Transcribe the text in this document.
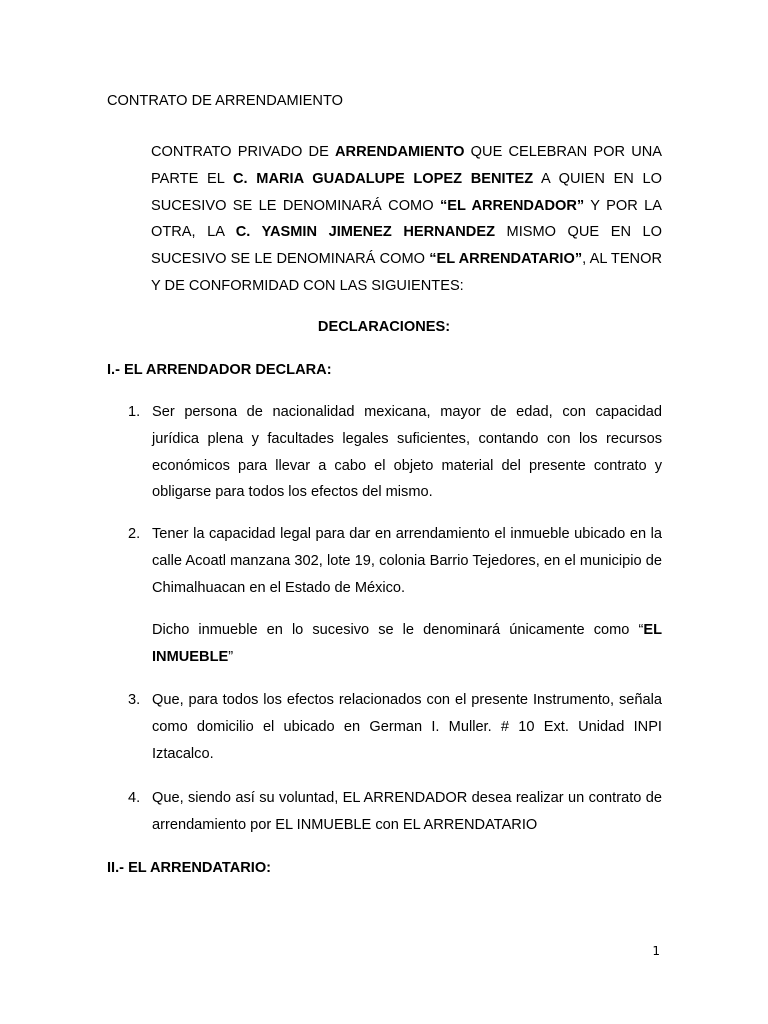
CONTRATO DE ARRENDAMIENTO
CONTRATO PRIVADO DE ARRENDAMIENTO QUE CELEBRAN POR UNA PARTE EL C. MARIA GUADALUPE LOPEZ BENITEZ A QUIEN EN LO SUCESIVO SE LE DENOMINARÁ COMO “EL ARRENDADOR” Y POR LA OTRA, LA C. YASMIN JIMENEZ HERNANDEZ MISMO QUE EN LO SUCESIVO SE LE DENOMINARÁ COMO “EL ARRENDATARIO”, AL TENOR Y DE CONFORMIDAD CON LAS SIGUIENTES:
DECLARACIONES:
I.- EL ARRENDADOR DECLARA:
1. Ser persona de nacionalidad mexicana, mayor de edad, con capacidad jurídica plena y facultades legales suficientes, contando con los recursos económicos para llevar a cabo el objeto material del presente contrato y obligarse para todos los efectos del mismo.
2. Tener la capacidad legal para dar en arrendamiento el inmueble ubicado en la calle Acoatl manzana 302, lote 19, colonia Barrio Tejedores, en el municipio de Chimalhuacan en el Estado de México.
Dicho inmueble en lo sucesivo se le denominará únicamente como “EL INMUEBLE”
3. Que, para todos los efectos relacionados con el presente Instrumento, señala como domicilio el ubicado en German I. Muller. # 10 Ext. Unidad INPI Iztacalco.
4. Que, siendo así su voluntad, EL ARRENDADOR desea realizar un contrato de arrendamiento por EL INMUEBLE con EL ARRENDATARIO
II.- EL ARRENDATARIO:
1
